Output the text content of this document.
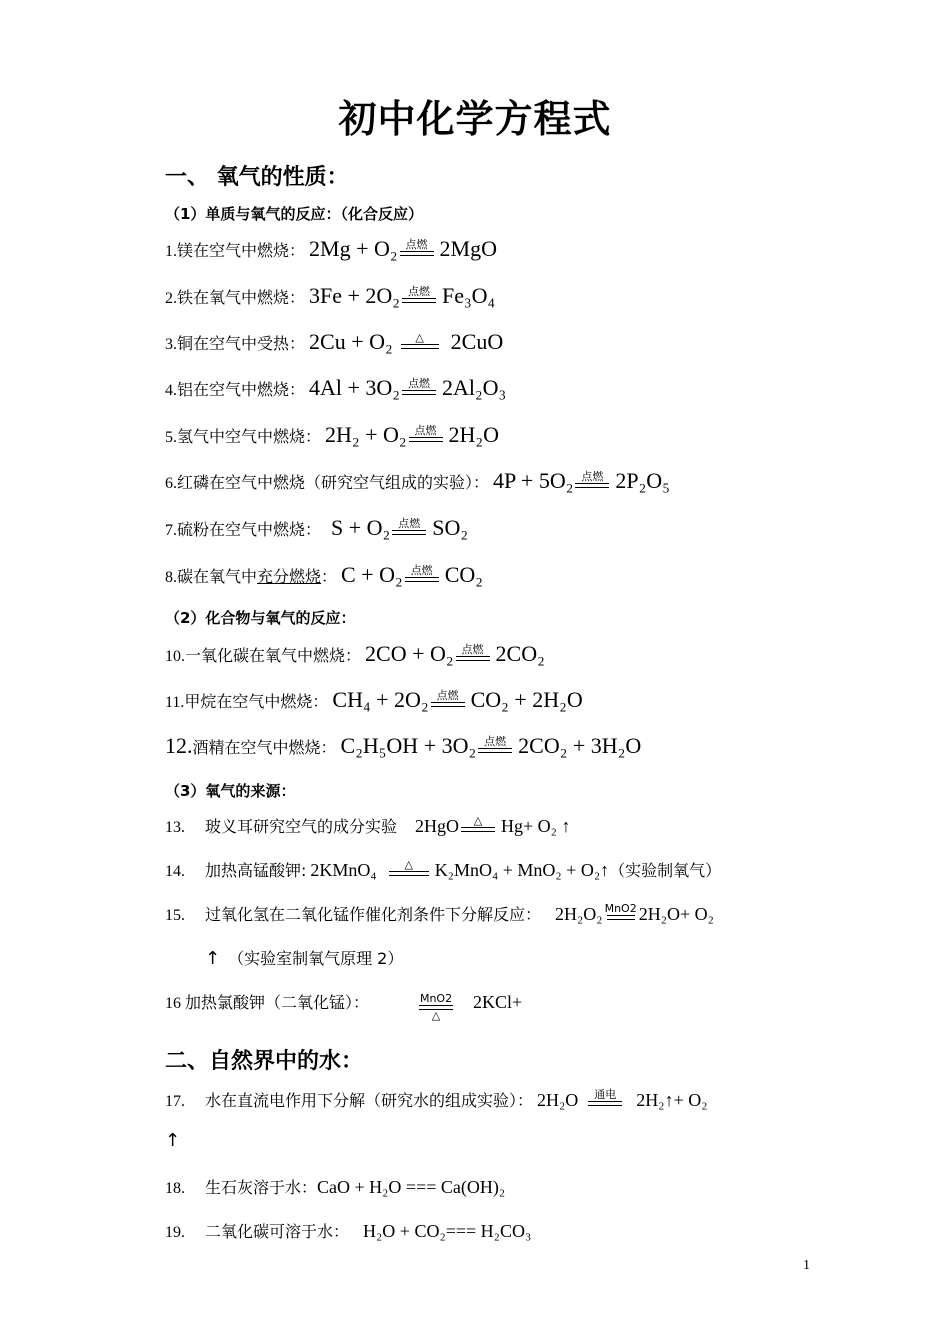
初中化学方程式
一、 氧气的性质：
（1）单质与氧气的反应：（化合反应）
1. 镁在空气中燃烧： 2Mg + O₂ 点燃 2MgO
2. 铁在氧气中燃烧： 3Fe + 2O₂ 点燃 Fe₃O₄
3. 铜在空气中受热： 2Cu + O₂ △ 2CuO
4. 铝在空气中燃烧： 4Al + 3O₂ 点燃 2Al₂O₃
5. 氢气中空气中燃烧： 2H₂ + O₂ 点燃 2H₂O
6. 红磷在空气中燃烧（研究空气组成的实验）： 4P + 5O₂ 点燃 2P₂O₅
7. 硫粉在空气中燃烧： S + O₂ 点燃 SO₂
8. 碳在氧气中 充分燃烧 ： C + O₂ 点燃 CO₂
（2）化合物与氧气的反应：
10. 一氧化碳在氧气中燃烧： 2CO + O₂ 点燃 2CO₂
11. 甲烷在空气中燃烧： CH₄ + 2O₂ 点燃 CO₂ + 2H₂O
12. 酒精在空气中燃烧： C₂H₅OH + 3O₂ 点燃 2CO₂ + 3H₂O
（3）氧气的来源：
13.	玻义耳研究空气的成分实验 2HgO △ Hg+ O₂ ↑
14.	加热高锰酸钾: 2KMnO₄	△ K₂MnO₄ + MnO₂ + O₂↑ （实验制氧气）
15.	过氧化氢在二氧化锰作催化剂条件下分解反应： 2H₂O₂ MnO2 2H₂O+ O₂
↑ （实验室制氧气原理 2）
16 加热氯酸钾（二氧化锰）：	MnO2
△
2KCl+
二、自然界中的水：
17.	水在直流电作用下分解（研究水的组成实验）： 2H₂O 通电 2H₂↑+ O₂
↑
18.	生石灰溶于水： CaO + H₂O === Ca(OH)₂
19.	二氧化碳可溶于水： H₂O + CO₂=== H₂CO₃
1
